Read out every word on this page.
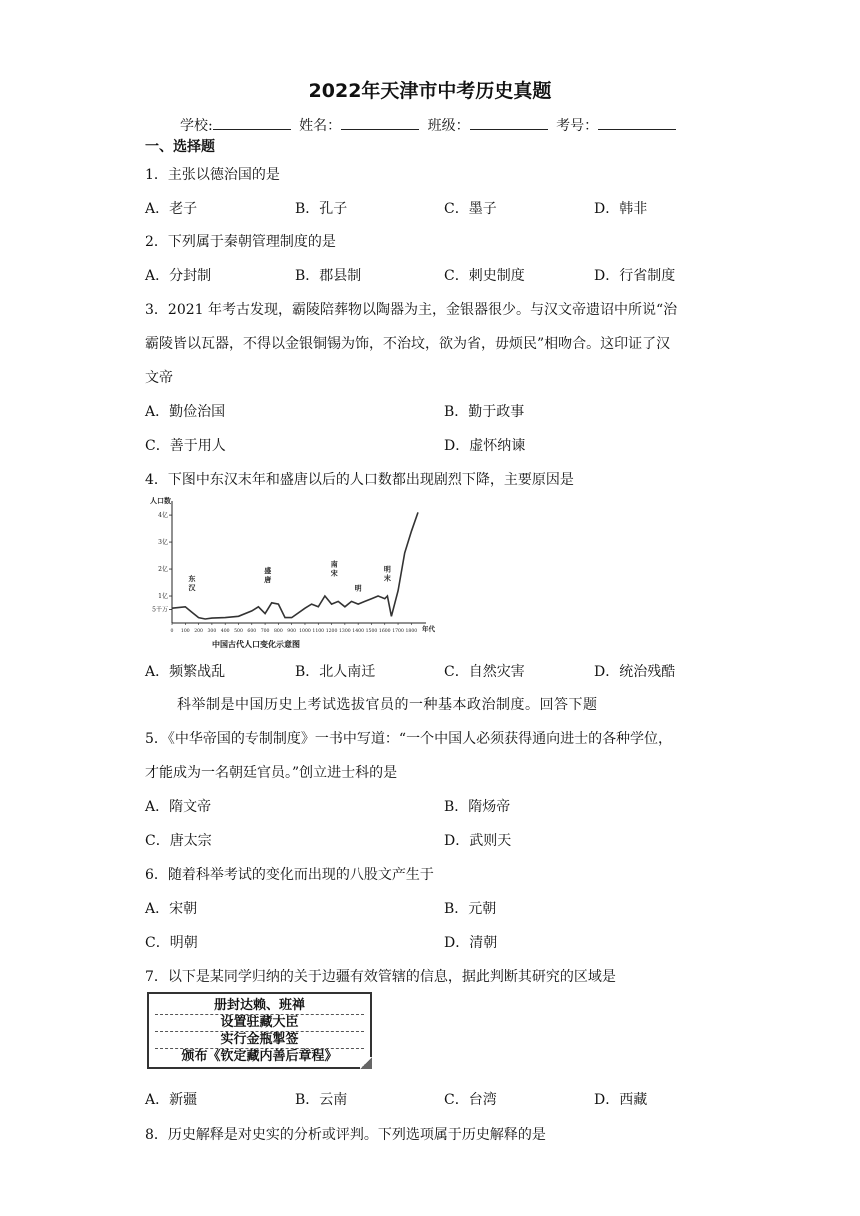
2022年天津市中考历史真题
学校:	姓名：	班级：	考号：
一、选择题
1．主张以德治国的是
A．老子	B．孔子	C．墨子	D．韩非
2．下列属于秦朝管理制度的是
A．分封制	B．郡县制	C．刺史制度	D．行省制度
3．2021 年考古发现，霸陵陪葬物以陶器为主，金银器很少。与汉文帝遗诏中所说“治
霸陵皆以瓦器，不得以金银铜锡为饰，不治坟，欲为省，毋烦民”相吻合。这印证了汉
文帝
A．勤俭治国	B．勤于政事
C．善于用人	D．虚怀纳谏
4．下图中东汉末年和盛唐以后的人口数都出现剧烈下降，主要原因是
人口数
年代
5千万
1亿
2亿
3亿
4亿
0 100 200 300 400 500 600 700 800 900 1000 1100 1200 1300 1400 1500 1600 1700 1800
东汉
盛唐
南宋
明
明末
中国古代人口变化示意图
A．频繁战乱	B．北人南迁	C．自然灾害	D．统治残酷
科举制是中国历史上考试选拔官员的一种基本政治制度。回答下题
5．《中华帝国的专制制度》一书中写道：“一个中国人必须获得通向进士的各种学位，
才能成为一名朝廷官员。”创立进士科的是
A．隋文帝	B．隋炀帝
C．唐太宗	D．武则天
6．随着科举考试的变化而出现的八股文产生于
A．宋朝	B．元朝
C．明朝	D．清朝
7．以下是某同学归纳的关于边疆有效管辖的信息，据此判断其研究的区域是
册封达赖、班禅
设置驻藏大臣
实行金瓶掣签
颁布《钦定藏内善后章程》
A．新疆	B．云南	C．台湾	D．西藏
8．历史解释是对史实的分析或评判。下列选项属于历史解释的是
